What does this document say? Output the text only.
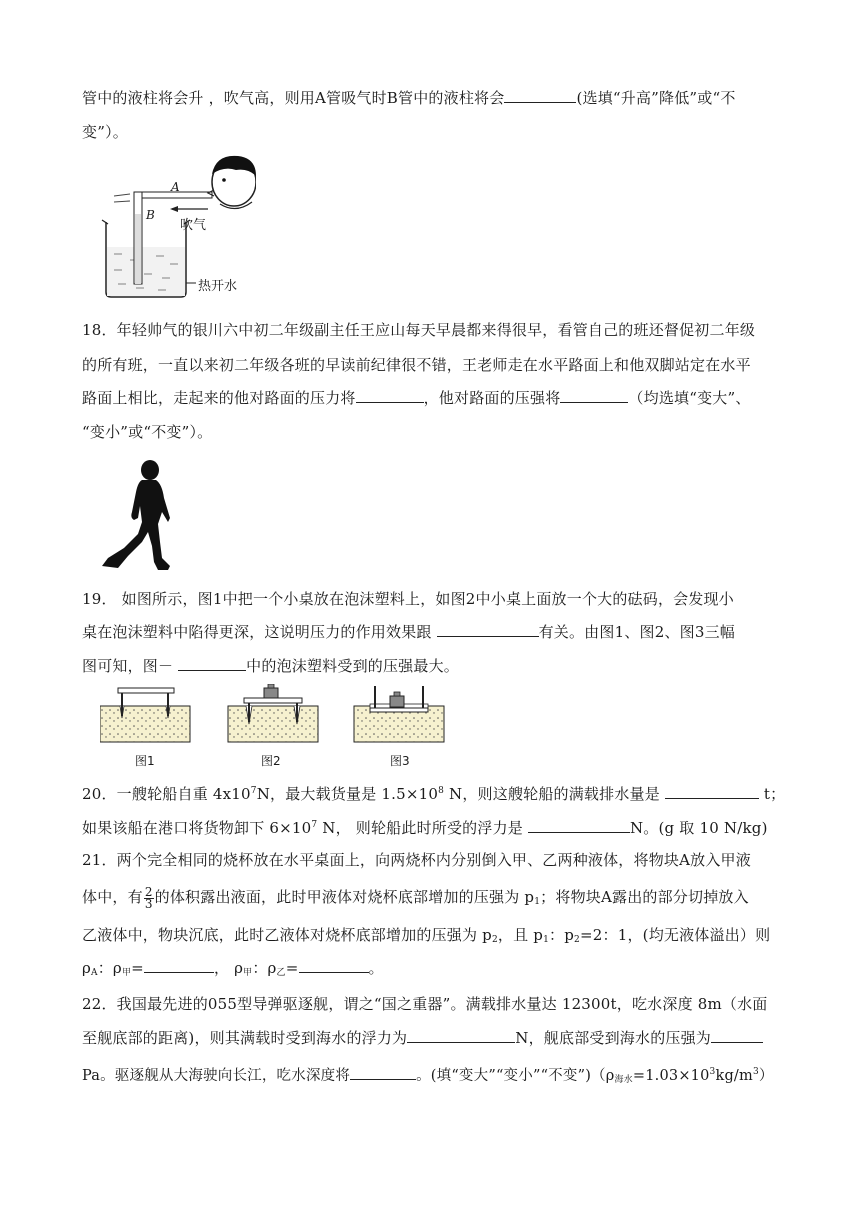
管中的液柱将会升 ，吹气高，则用A管吸气时B管中的液柱将会	(选填“升高”降低”或“不
变”）。
A
B
吹气
热开水
18．年轻帅气的银川六中初二年级副主任王应山每天早晨都来得很早，看管自己的班还督促初二年级
的所有班，一直以来初二年级各班的早读前纪律很不错，王老师走在水平路面上和他双脚站定在水平
路面上相比，走起来的他对路面的压力将	，他对路面的压强将	（均选填“变大”、
“变小”或“不变”）。
19． 如图所示，图1中把一个小桌放在泡沫塑料上，如图2中小桌上面放一个大的砝码，会发现小
桌在泡沫塑料中陷得更深，这说明压力的作用效果跟	有关。由图1、图2、图3三幅
图可知，图－	中的泡沫塑料受到的压强最大。
图1	图2	图3
20．一艘轮船自重 $4x10^7N$，最大载货量是 $1.5\times 10^8$ N，则这艘轮船的满载排水量是	t；
如果该船在港口将货物卸下 $6\times 10^7$ N， 则轮船此时所受的浮力是	N。(g 取 10 N/kg)
21．两个完全相同的烧杯放在水平桌面上，向两烧杯内分别倒入甲、乙两种液体，将物块A放入甲液
体中，有 $\frac{2}{3}$ 的体积露出液面，此时甲液体对烧杯底部增加的压强为 $p_1$；将物块A露出的部分切掉放入
乙液体中，物块沉底，此时乙液体对烧杯底部增加的压强为 $p_2$，且 $p_1$：$p_2=2$：1，(均无液体溢出）则
$\rho_A$：$\rho_甲=$	， $\rho_甲$：$\rho_乙=$	。
22．我国最先进的055型导弹驱逐舰，谓之“国之重器”。满载排水量达 12300t，吃水深度 8m（水面
至舰底部的距离)，则其满载时受到海水的浮力为	N，舰底部受到海水的压强为
Pa。驱逐舰从大海驶向长江，吃水深度将	。(填“变大”“变小”“不变$”)(\rho_{海水}=1.03\times 10^3kg/m^3)$
